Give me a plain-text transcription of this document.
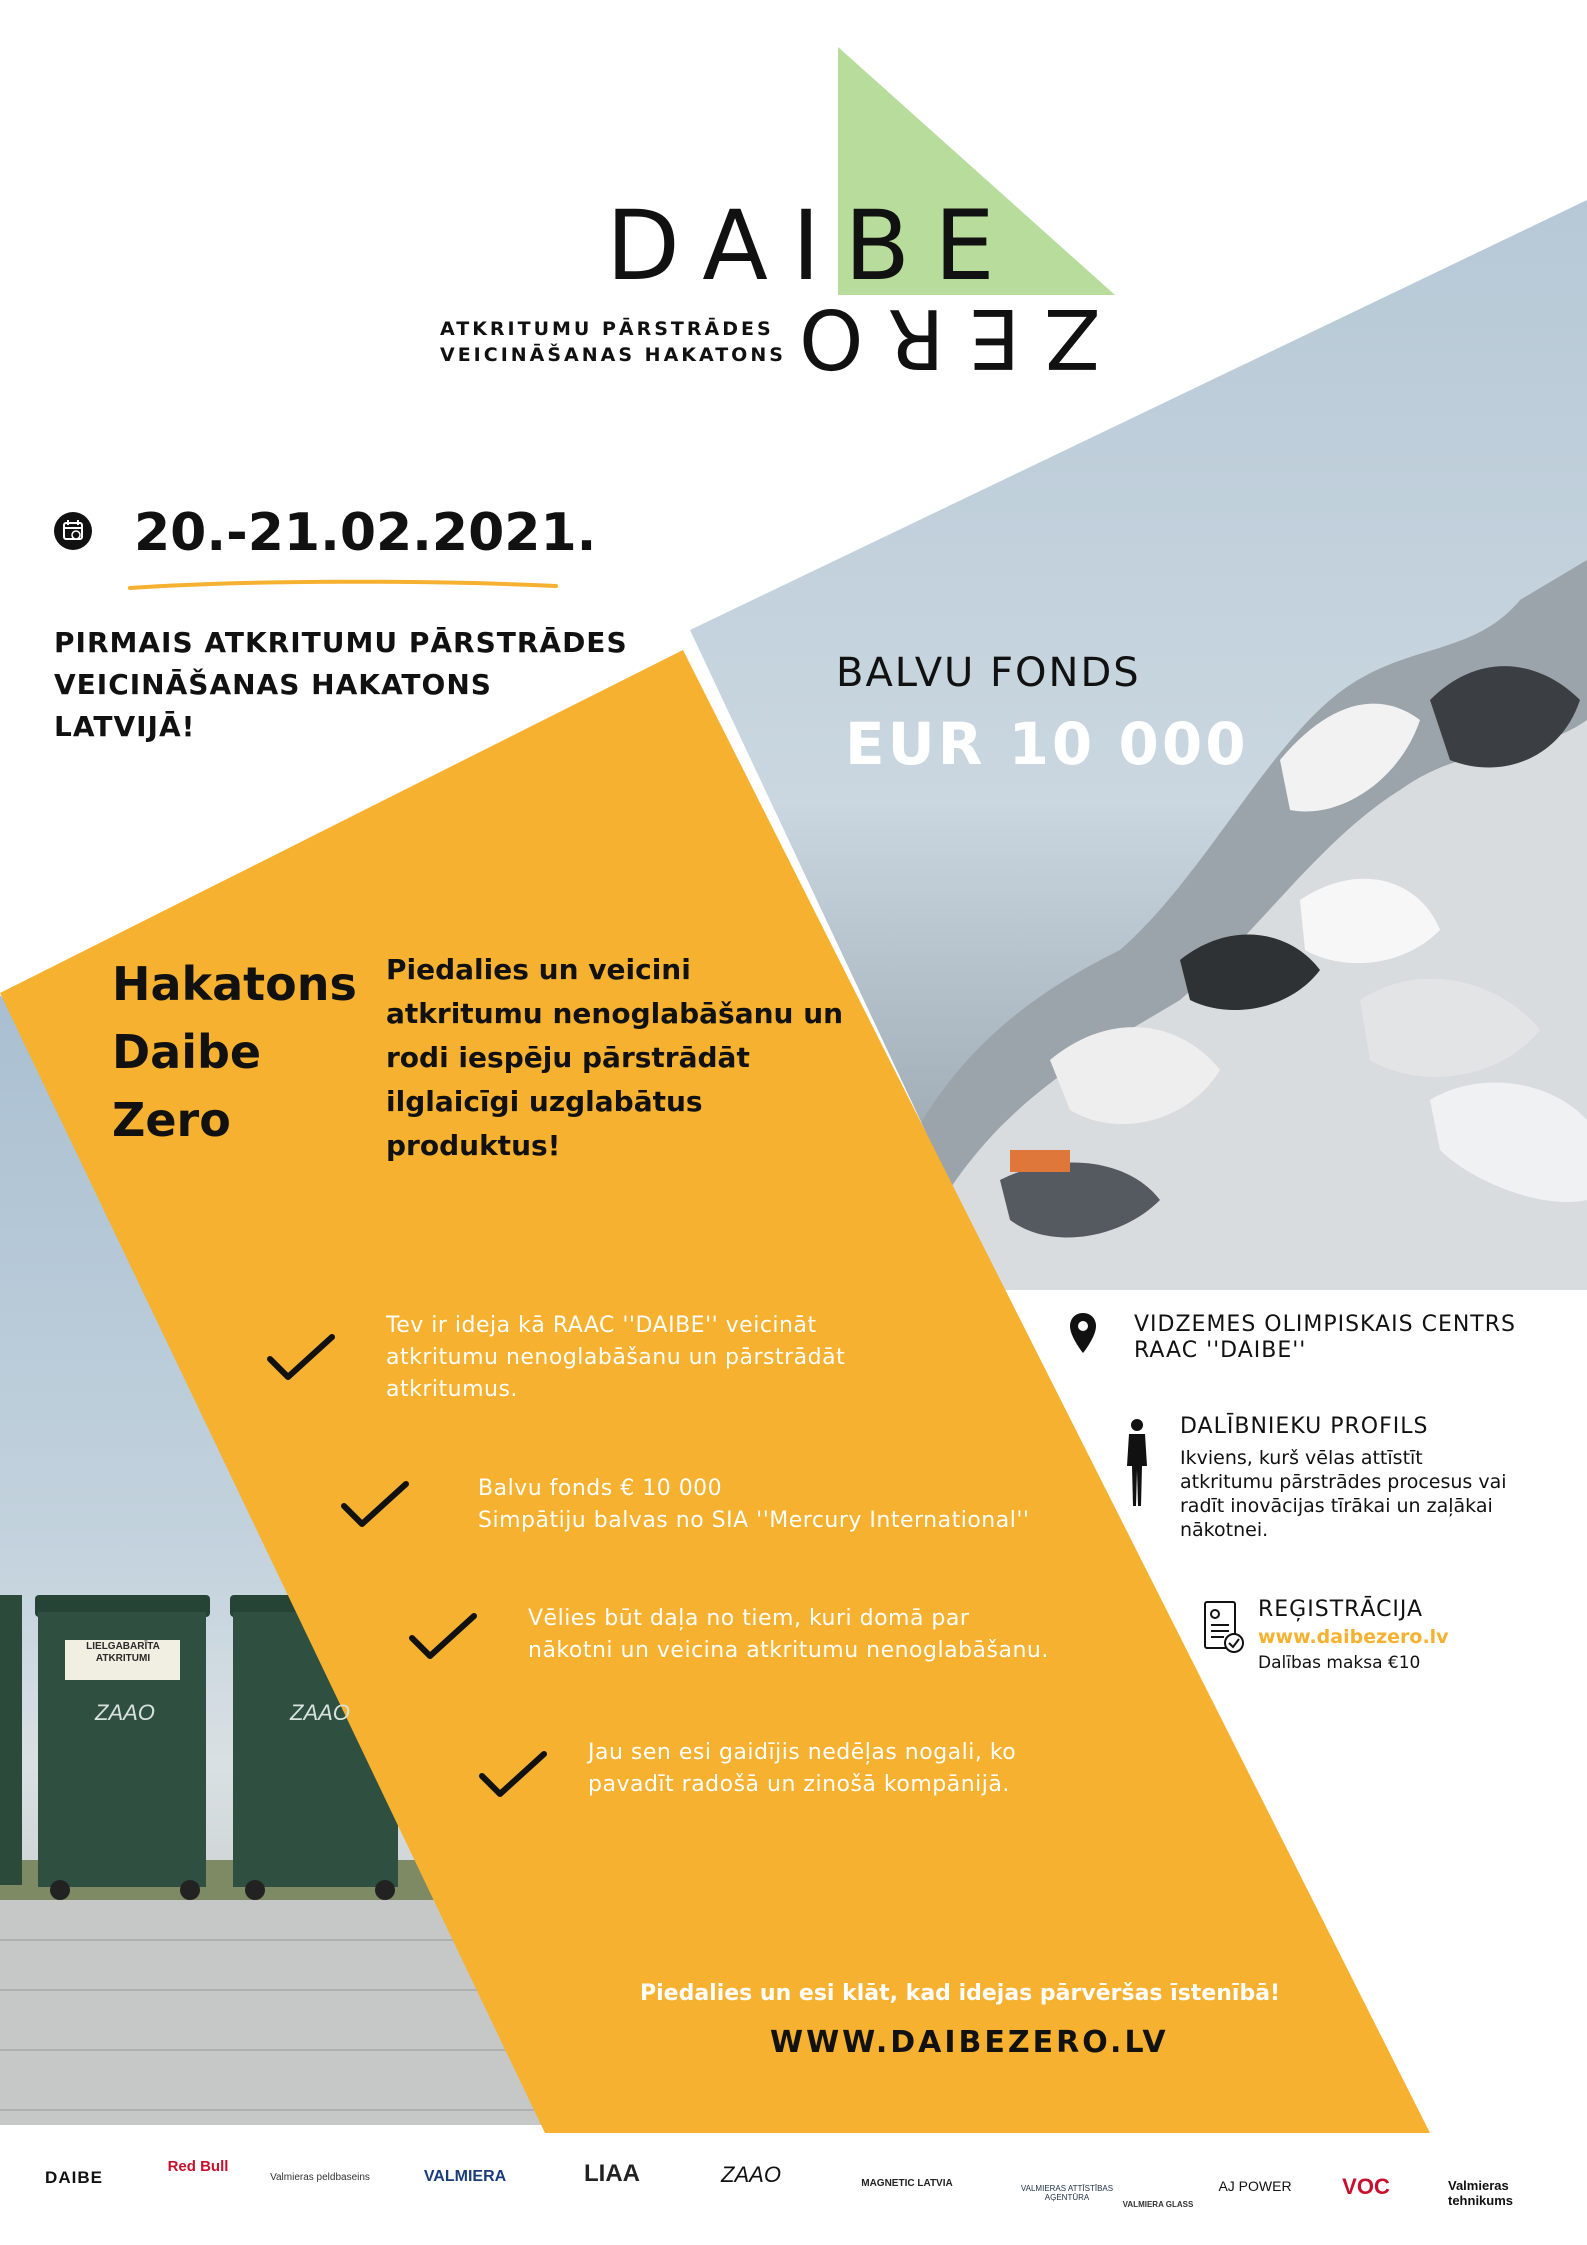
LIELGABARĪTA
ATKRITUMI
ZAAO	ZAAO
DAIBE
ZERO
ATKRITUMU PĀRSTRĀDES
VEICINĀŠANAS HAKATONS
20.-21.02.2021.
PIRMAIS ATKRITUMU PĀRSTRĀDES
VEICINĀŠANAS HAKATONS
LATVIJĀ!
BALVU FONDS
EUR 10 000
Hakatons
Daibe
Zero
Piedalies un veicini
atkritumu nenoglabāšanu un
rodi iespēju pārstrādāt
ilglaicīgi uzglabātus
produktus!
Tev ir ideja kā RAAC ''DAIBE'' veicināt
atkritumu nenoglabāšanu un pārstrādāt
atkritumus.
Balvu fonds € 10 000
Simpātiju balvas no SIA ''Mercury International''
Vēlies būt daļa no tiem, kuri domā par
nākotni un veicina atkritumu nenoglabāšanu.
Jau sen esi gaidījis nedēļas nogali, ko
pavadīt radošā un zinošā kompānijā.
VIDZEMES OLIMPISKAIS CENTRS
RAAC ''DAIBE''
DALĪBNIEKU PROFILS
Ikviens, kurš vēlas attīstīt
atkritumu pārstrādes procesus vai
radīt inovācijas tīrākai un zaļākai
nākotnei.
REĢISTRĀCIJA
www.daibezero.lv
Dalības maksa €10
Piedalies un esi klāt, kad idejas pārvēršas īstenībā!
WWW.DAIBEZERO.LV
DAIBE
Red Bull
Valmieras peldbaseins	VALMIERA	LIAA	ZAAO	MAGNETIC LATVIA	VALMIERAS ATTĪSTĪBAS AĢENTŪRA
VALMIERA GLASS
AJ POWER VOC	Valmieras tehnikums
